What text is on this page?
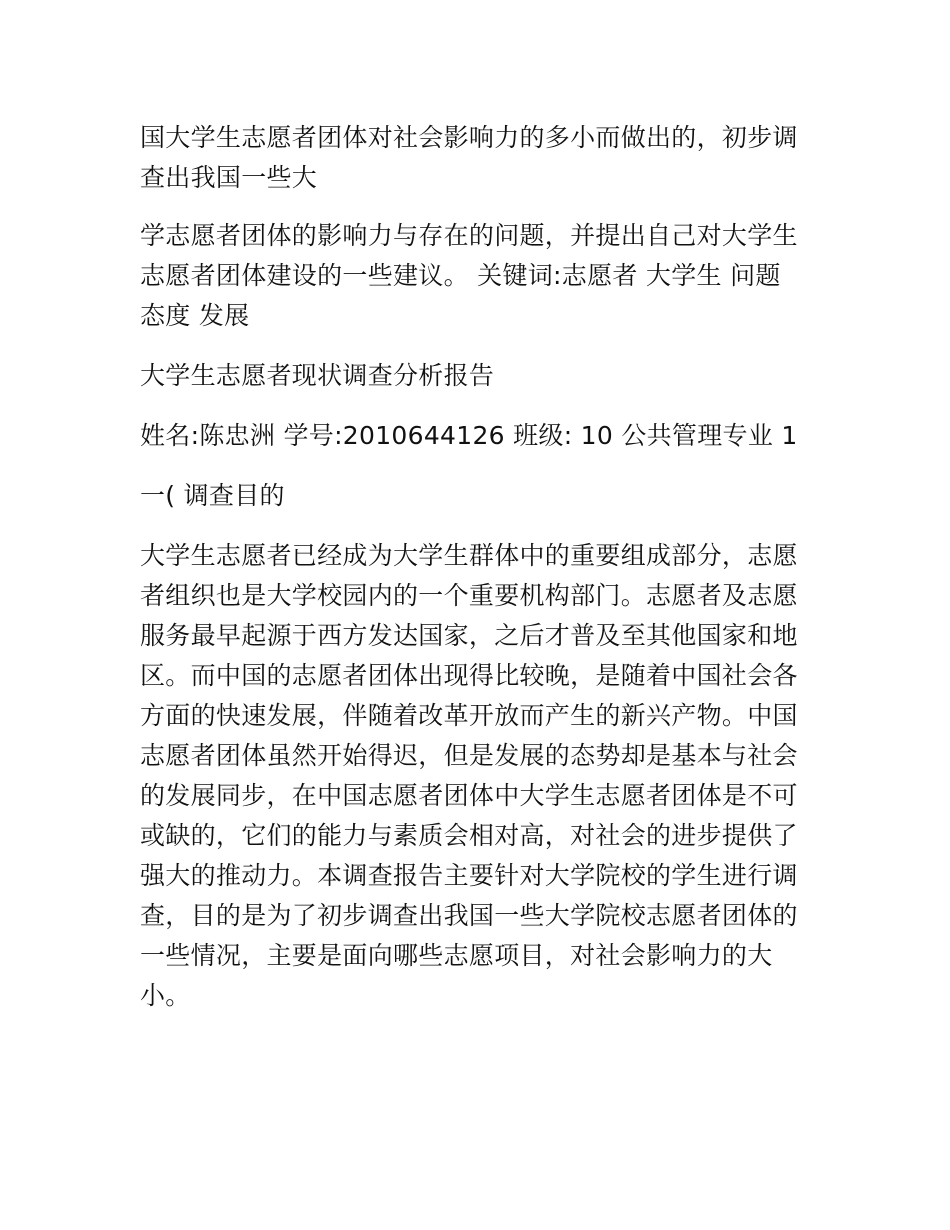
国大学生志愿者团体对社会影响力的多小而做出的，初步调查出我国一些大

学志愿者团体的影响力与存在的问题，并提出自己对大学生志愿者团体建设的一些建议。 关键词:志愿者 大学生 问题 态度 发展

大学生志愿者现状调查分析报告

姓名:陈忠洲 学号:2010644126 班级: 10 公共管理专业 1

一( 调查目的

大学生志愿者已经成为大学生群体中的重要组成部分，志愿者组织也是大学校园内的一个重要机构部门。志愿者及志愿服务最早起源于西方发达国家，之后才普及至其他国家和地区。而中国的志愿者团体出现得比较晚，是随着中国社会各方面的快速发展，伴随着改革开放而产生的新兴产物。中国志愿者团体虽然开始得迟，但是发展的态势却是基本与社会的发展同步，在中国志愿者团体中大学生志愿者团体是不可或缺的，它们的能力与素质会相对高，对社会的进步提供了强大的推动力。本调查报告主要针对大学院校的学生进行调查，目的是为了初步调查出我国一些大学院校志愿者团体的一些情况，主要是面向哪些志愿项目，对社会影响力的大小。
